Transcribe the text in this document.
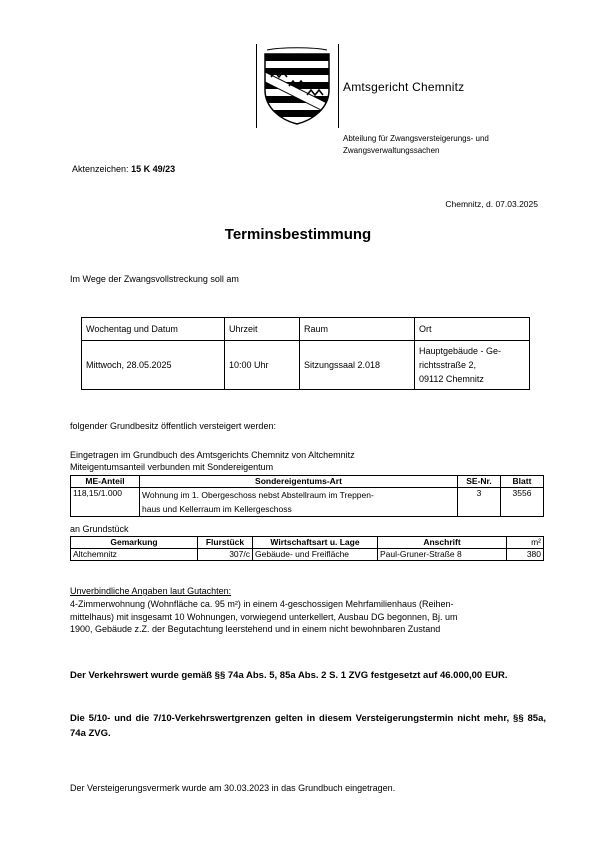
Amtsgericht Chemnitz
Abteilung für Zwangsversteigerungs- und Zwangsverwaltungssachen
Aktenzeichen: 15 K 49/23
Chemnitz, d. 07.03.2025
Terminsbestimmung
Im Wege der Zwangsvollstreckung soll am
Wochentag und Datum	Uhrzeit	Raum	Ort
Mittwoch, 28.05.2025	10:00 Uhr	Sitzungssaal 2.018	Hauptgebäude - Ge-
richtsstraße 2,
09112 Chemnitz
folgender Grundbesitz öffentlich versteigert werden:
Eingetragen im Grundbuch des Amtsgerichts Chemnitz von Altchemnitz
Miteigentumsanteil verbunden mit Sondereigentum
ME-Anteil	Sondereigentums-Art	SE-Nr.	Blatt
118,15/1.000	Wohnung im 1. Obergeschoss nebst Abstellraum im Treppen-
haus und Kellerraum im Kellergeschoss	3	3556
an Grundstück
Gemarkung	Flurstück	Wirtschaftsart u. Lage	Anschrift	m²
Altchemnitz	307/c	Gebäude- und Freifläche	Paul-Gruner-Straße 8	380
Unverbindliche Angaben laut Gutachten:
4-Zimmerwohnung (Wohnfläche ca. 95 m²) in einem 4-geschossigen Mehrfamilienhaus (Reihen-
mittelhaus) mit insgesamt 10 Wohnungen, vorwiegend unterkellert, Ausbau DG begonnen, Bj. um
1900, Gebäude z.Z. der Begutachtung leerstehend und in einem nicht bewohnbaren Zustand
Der Verkehrswert wurde gemäß §§ 74a Abs. 5, 85a Abs. 2 S. 1 ZVG festgesetzt auf 46.000,00 EUR.
Die 5/10- und die 7/10-Verkehrswertgrenzen gelten in diesem Versteigerungstermin nicht mehr, §§ 85a, 74a ZVG.
Der Versteigerungsvermerk wurde am 30.03.2023 in das Grundbuch eingetragen.
